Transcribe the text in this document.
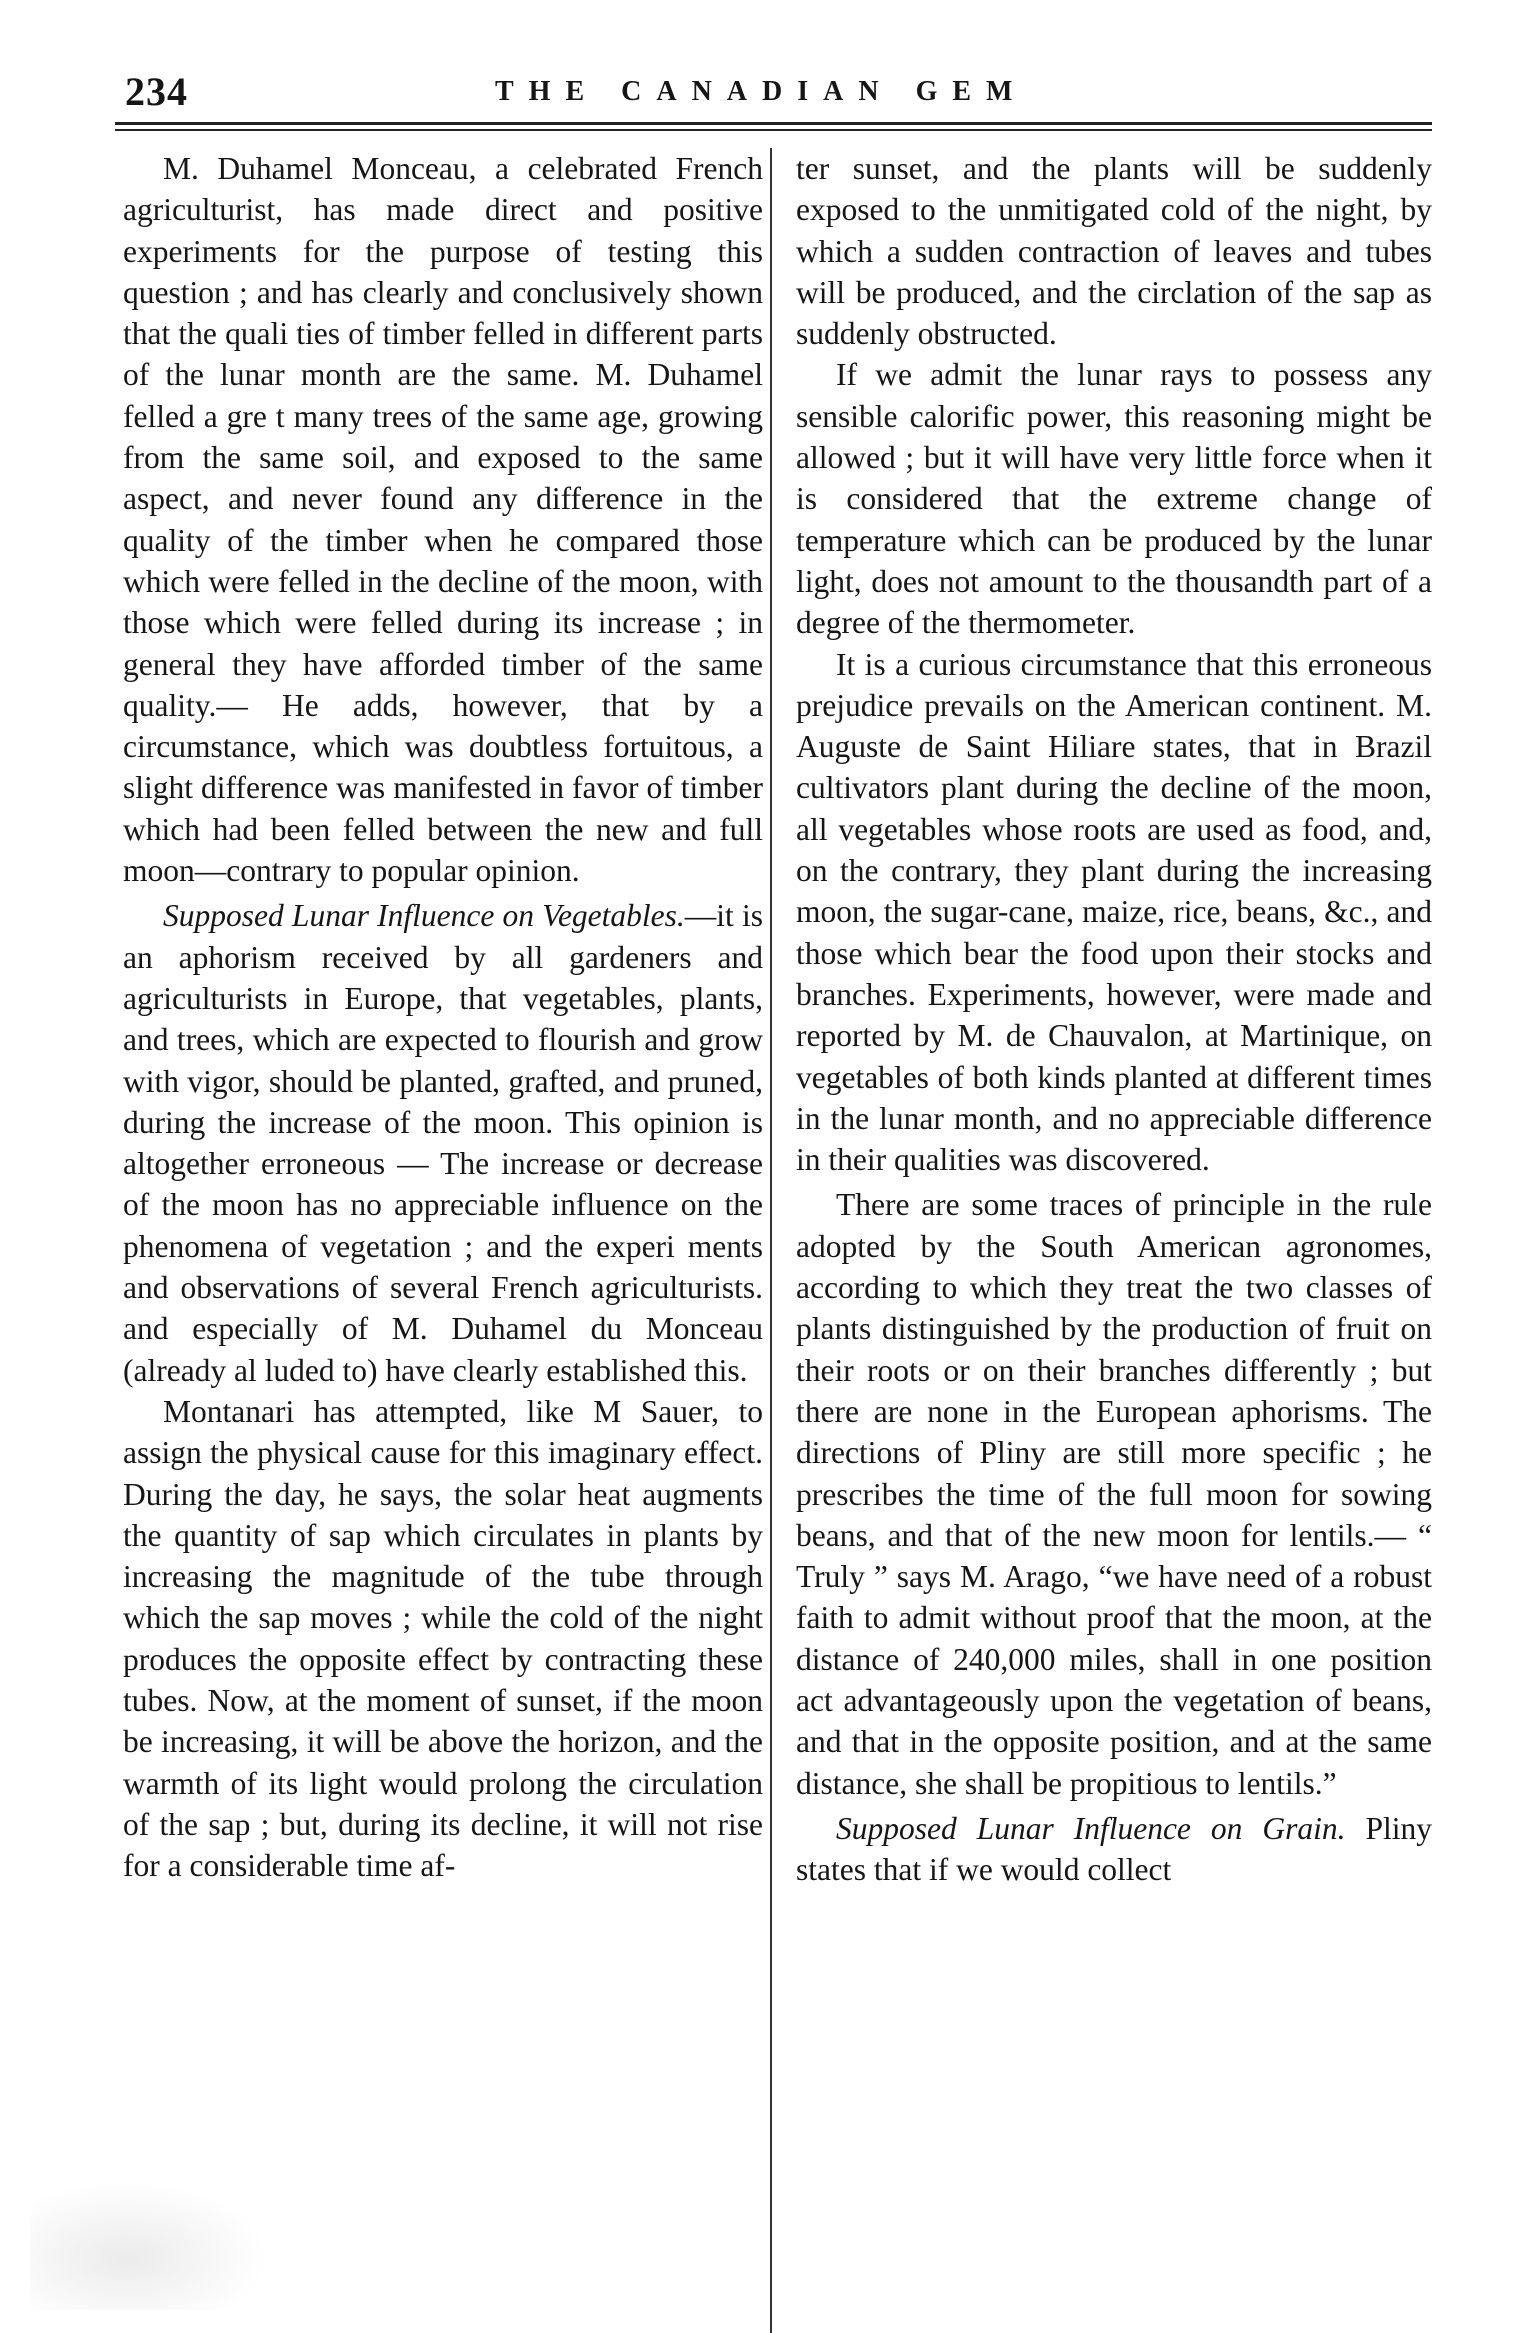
234	THE CANADIAN GEM

M. Duhamel Monceau, a celebrated French agriculturist, has made direct and positive experiments for the purpose of testing this question ; and has clearly and conclusively shown that the quali ties of timber felled in different parts of the lunar month are the same. M. Duhamel felled a gre t many trees of the same age, growing from the same soil, and exposed to the same aspect, and never found any difference in the quality of the timber when he compared those which were felled in the decline of the moon, with those which were felled during its increase ; in general they have afforded timber of the same quality.— He adds, however, that by a circumstance, which was doubtless fortuitous, a slight difference was manifested in favor of timber which had been felled between the new and full moon—contrary to popular opinion.

Supposed Lunar Influence on Vegetables.—it is an aphorism received by all gardeners and agriculturists in Europe, that vegetables, plants, and trees, which are expected to flourish and grow with vigor, should be planted, grafted, and pruned, during the increase of the moon. This opinion is altogether erroneous — The increase or decrease of the moon has no appreciable influence on the phenomena of vegetation ; and the experi ments and observations of several French agriculturists. and especially of M. Duhamel du Monceau (already al luded to) have clearly established this.

Montanari has attempted, like M Sauer, to assign the physical cause for this imaginary effect. During the day, he says, the solar heat augments the quantity of sap which circulates in plants by increasing the magnitude of the tube through which the sap moves ; while the cold of the night produces the opposite effect by contracting these tubes. Now, at the moment of sunset, if the moon be increasing, it will be above the horizon, and the warmth of its light would prolong the circulation of the sap ; but, during its decline, it will not rise for a considerable time af-

ter sunset, and the plants will be suddenly exposed to the unmitigated cold of the night, by which a sudden contraction of leaves and tubes will be produced, and the circlation of the sap as suddenly obstructed.

If we admit the lunar rays to possess any sensible calorific power, this reasoning might be allowed ; but it will have very little force when it is considered that the extreme change of temperature which can be produced by the lunar light, does not amount to the thousandth part of a degree of the thermometer.

It is a curious circumstance that this erroneous prejudice prevails on the American continent. M. Auguste de Saint Hiliare states, that in Brazil cultivators plant during the decline of the moon, all vegetables whose roots are used as food, and, on the contrary, they plant during the increasing moon, the sugar-cane, maize, rice, beans, &c., and those which bear the food upon their stocks and branches. Experiments, however, were made and reported by M. de Chauvalon, at Martinique, on vegetables of both kinds planted at different times in the lunar month, and no appreciable difference in their qualities was discovered.

There are some traces of principle in the rule adopted by the South American agronomes, according to which they treat the two classes of plants distinguished by the production of fruit on their roots or on their branches differently ; but there are none in the European aphorisms. The directions of Pliny are still more specific ; he prescribes the time of the full moon for sowing beans, and that of the new moon for lentils.— “ Truly ” says M. Arago, “we have need of a robust faith to admit without proof that the moon, at the distance of 240,000 miles, shall in one position act advantageously upon the vegetation of beans, and that in the opposite position, and at the same distance, she shall be propitious to lentils.”

Supposed Lunar Influence on Grain. Pliny states that if we would collect
